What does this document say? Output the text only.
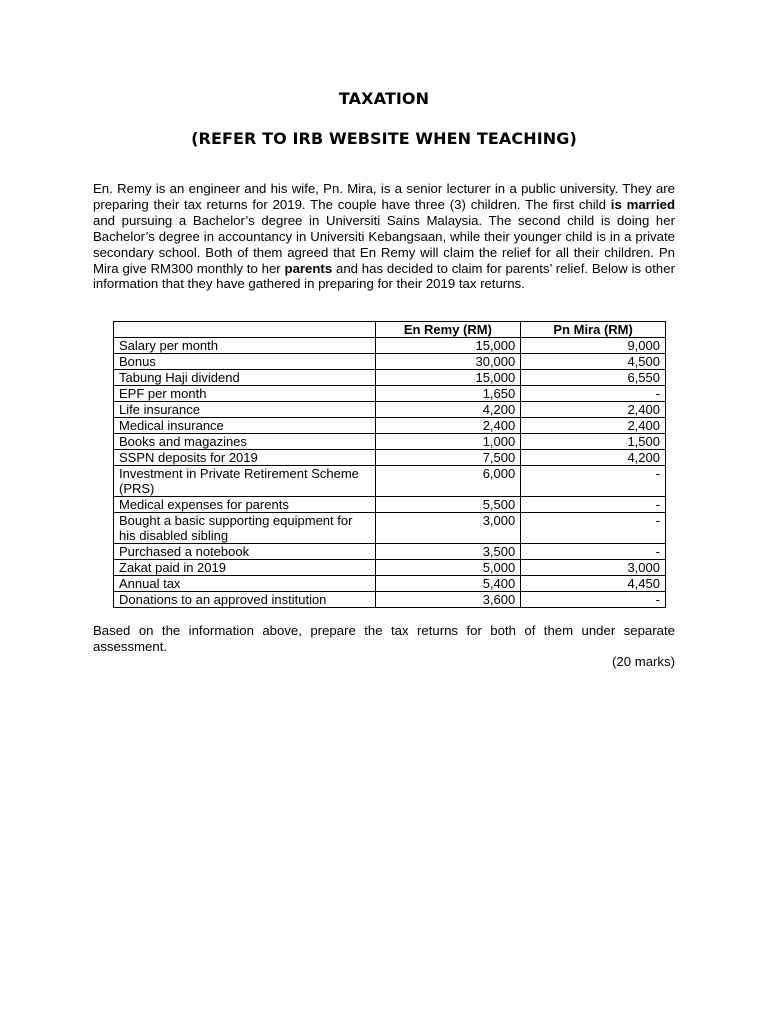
TAXATION
(REFER TO IRB WEBSITE WHEN TEACHING)
En. Remy is an engineer and his wife, Pn. Mira, is a senior lecturer in a public university. They are preparing their tax returns for 2019. The couple have three (3) children. The first child is married and pursuing a Bachelor’s degree in Universiti Sains Malaysia. The second child is doing her Bachelor’s degree in accountancy in Universiti Kebangsaan, while their younger child is in a private secondary school. Both of them agreed that En Remy will claim the relief for all their children. Pn Mira give RM300 monthly to her parents and has decided to claim for parents’ relief. Below is other information that they have gathered in preparing for their 2019 tax returns.
	En Remy (RM)	Pn Mira (RM)
Salary per month	15,000	9,000
Bonus	30,000	4,500
Tabung Haji dividend	15,000	6,550
EPF per month	1,650	-
Life insurance	4,200	2,400
Medical insurance	2,400	2,400
Books and magazines	1,000	1,500
SSPN deposits for 2019	7,500	4,200
Investment in Private Retirement Scheme (PRS)	6,000	-
Medical expenses for parents	5,500	-
Bought a basic supporting equipment for his disabled sibling	3,000	-
Purchased a notebook	3,500	-
Zakat paid in 2019	5,000	3,000
Annual tax	5,400	4,450
Donations to an approved institution	3,600	-
Based on the information above, prepare the tax returns for both of them under separate assessment.
(20 marks)
